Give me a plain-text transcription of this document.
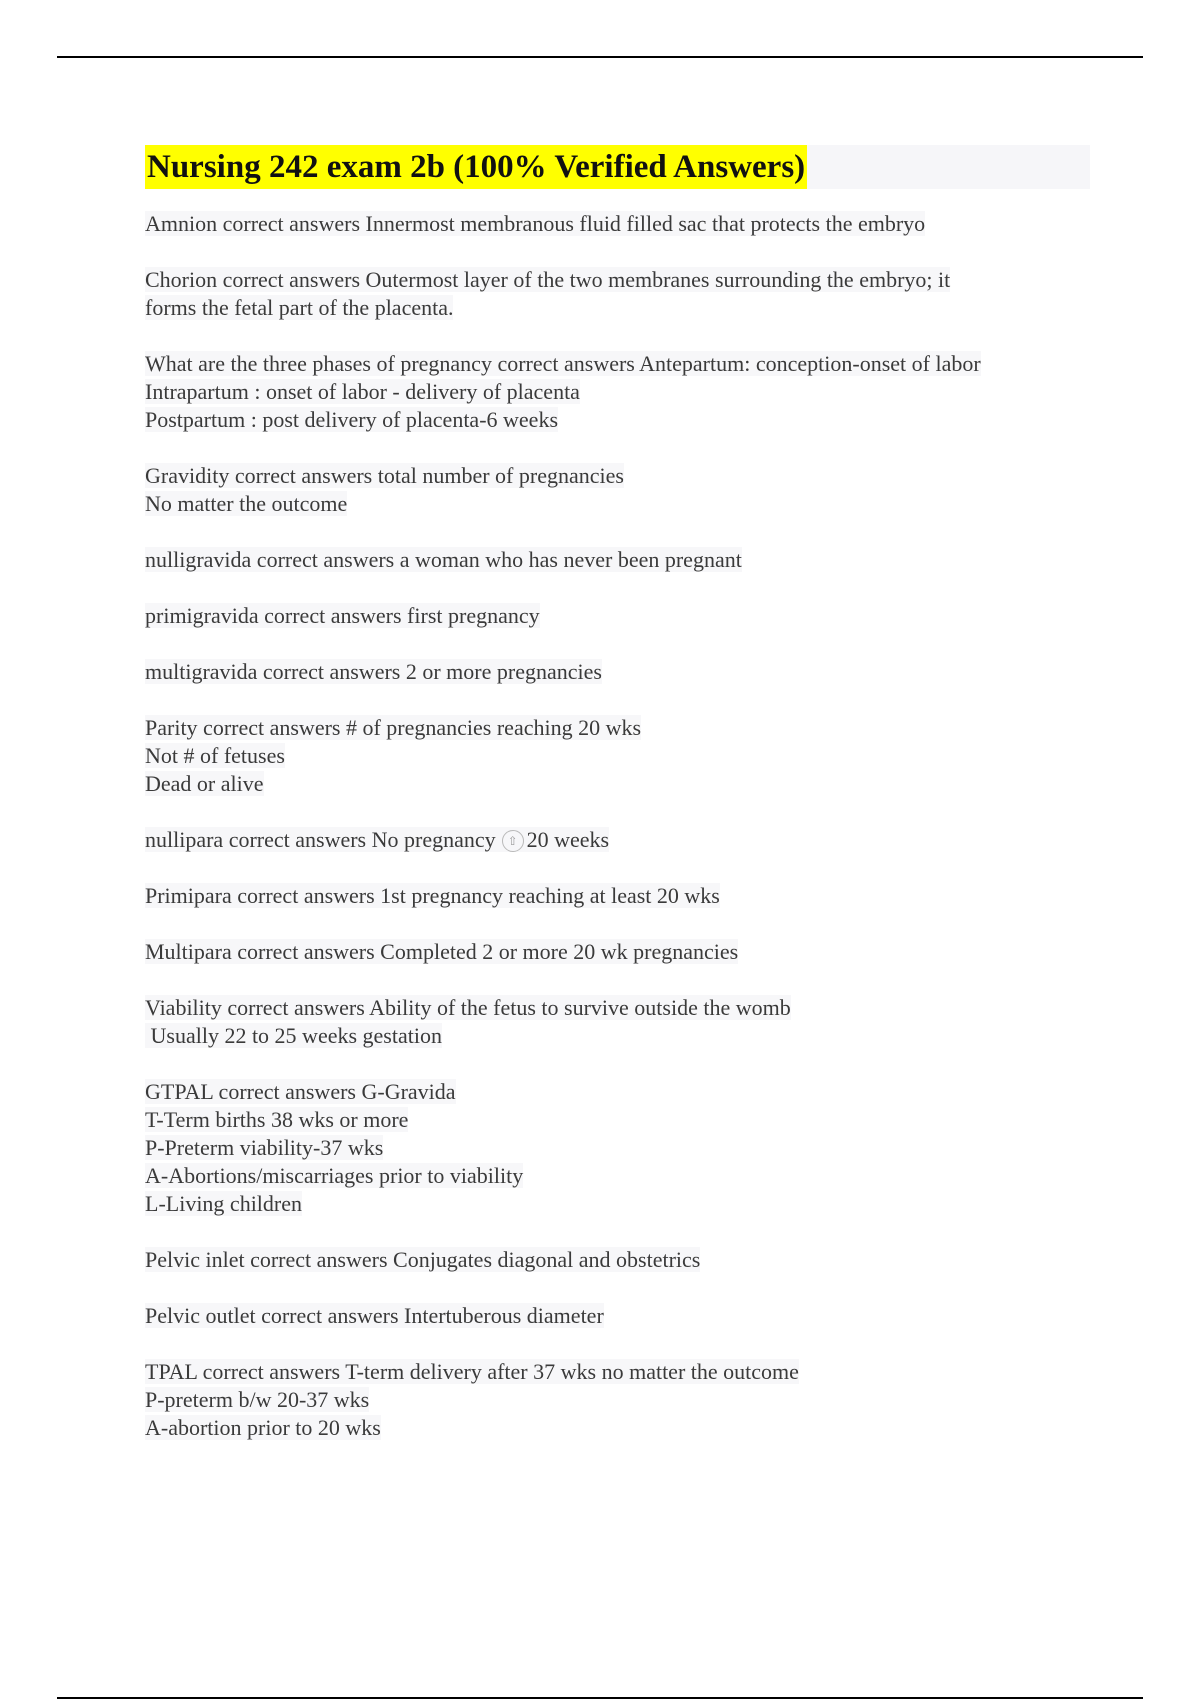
Nursing 242 exam 2b (100% Verified Answers)
Amnion correct answers Innermost membranous fluid filled sac that protects the embryo
Chorion correct answers Outermost layer of the two membranes surrounding the embryo; it
forms the fetal part of the placenta.
What are the three phases of pregnancy correct answers Antepartum: conception-onset of labor
Intrapartum : onset of labor - delivery of placenta
Postpartum : post delivery of placenta-6 weeks
Gravidity correct answers total number of pregnancies
No matter the outcome
nulligravida correct answers a woman who has never been pregnant
primigravida correct answers first pregnancy
multigravida correct answers 2 or more pregnancies
Parity correct answers # of pregnancies reaching 20 wks
Not # of fetuses
Dead or alive
nullipara correct answers No pregnancy ⇧ 20 weeks
Primipara correct answers 1st pregnancy reaching at least 20 wks
Multipara correct answers Completed 2 or more 20 wk pregnancies
Viability correct answers Ability of the fetus to survive outside the womb
Usually 22 to 25 weeks gestation
GTPAL correct answers G-Gravida
T-Term births 38 wks or more
P-Preterm viability-37 wks
A-Abortions/miscarriages prior to viability
L-Living children
Pelvic inlet correct answers Conjugates diagonal and obstetrics
Pelvic outlet correct answers Intertuberous diameter
TPAL correct answers T-term delivery after 37 wks no matter the outcome
P-preterm b/w 20-37 wks
A-abortion prior to 20 wks
